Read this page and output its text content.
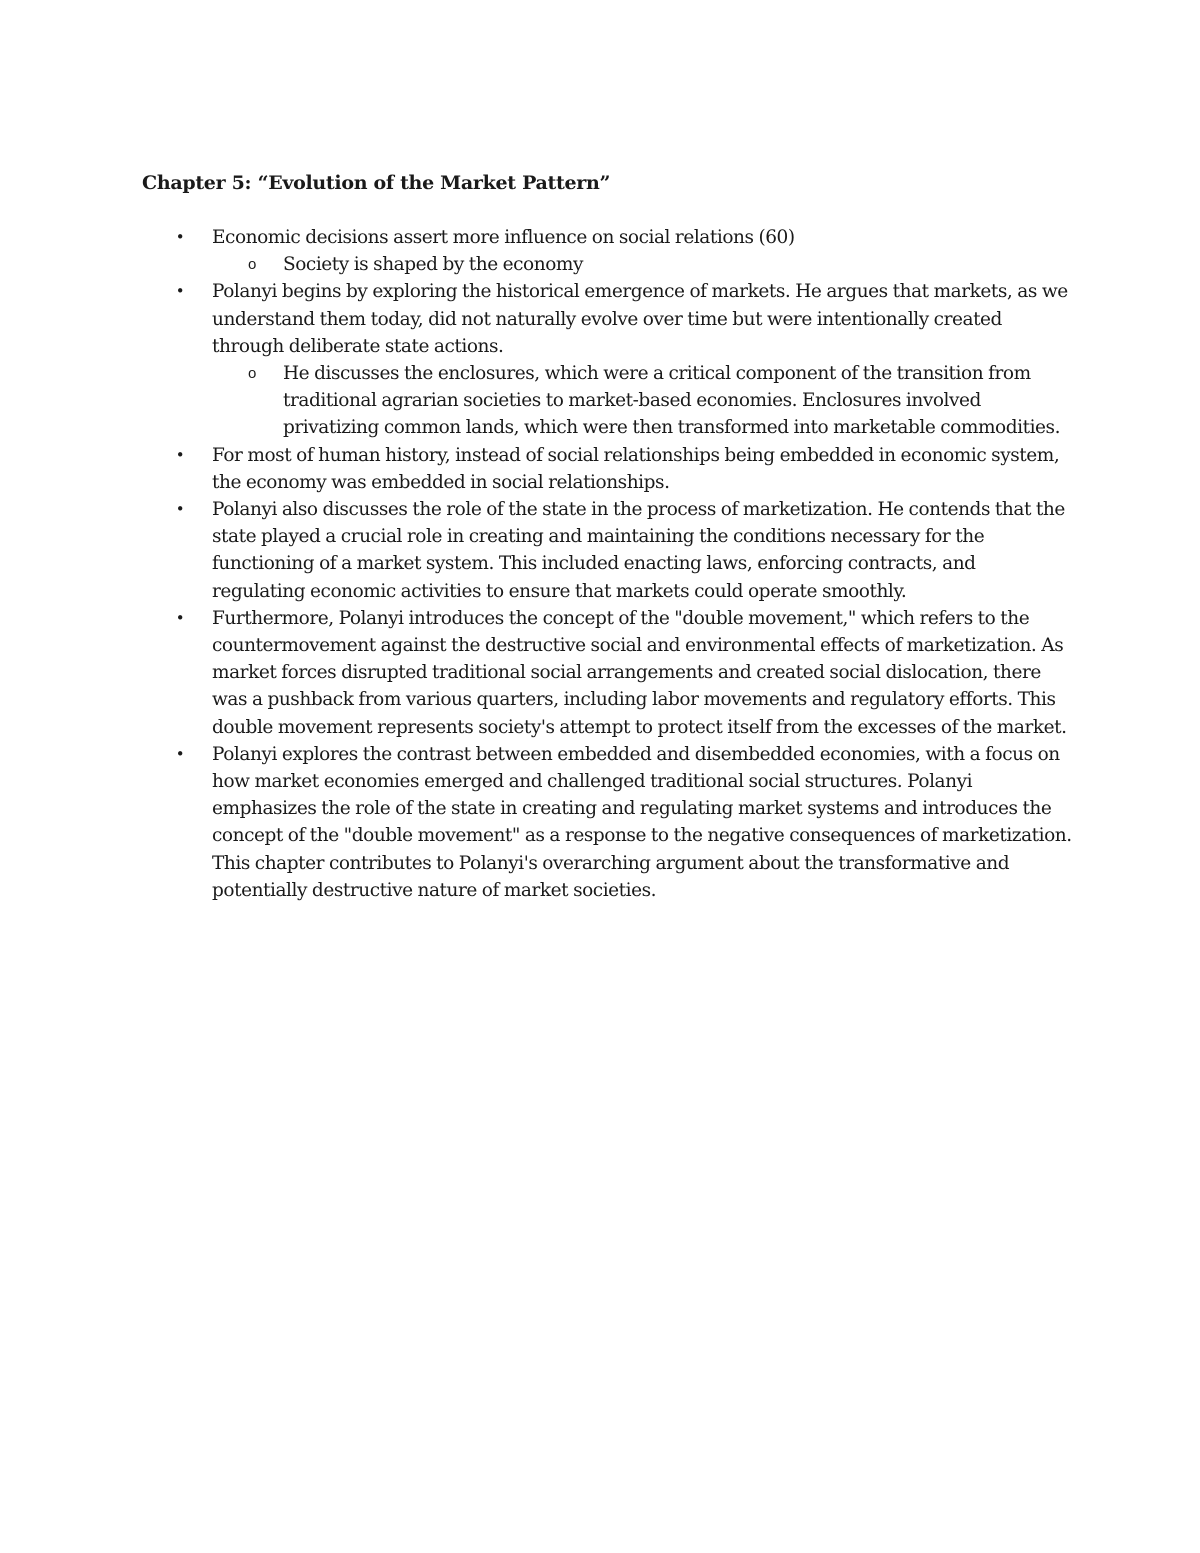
Chapter 5: “Evolution of the Market Pattern”
• Economic decisions assert more influence on social relations (60)
o Society is shaped by the economy
• Polanyi begins by exploring the historical emergence of markets. He argues that markets, as we understand them today, did not naturally evolve over time but were intentionally created through deliberate state actions.
o He discusses the enclosures, which were a critical component of the transition from traditional agrarian societies to market-based economies. Enclosures involved privatizing common lands, which were then transformed into marketable commodities.
• For most of human history, instead of social relationships being embedded in economic system, the economy was embedded in social relationships.
• Polanyi also discusses the role of the state in the process of marketization. He contends that the state played a crucial role in creating and maintaining the conditions necessary for the functioning of a market system. This included enacting laws, enforcing contracts, and regulating economic activities to ensure that markets could operate smoothly.
• Furthermore, Polanyi introduces the concept of the "double movement," which refers to the countermovement against the destructive social and environmental effects of marketization. As market forces disrupted traditional social arrangements and created social dislocation, there was a pushback from various quarters, including labor movements and regulatory efforts. This double movement represents society's attempt to protect itself from the excesses of the market.
• Polanyi explores the contrast between embedded and disembedded economies, with a focus on how market economies emerged and challenged traditional social structures. Polanyi emphasizes the role of the state in creating and regulating market systems and introduces the concept of the "double movement" as a response to the negative consequences of marketization. This chapter contributes to Polanyi's overarching argument about the transformative and potentially destructive nature of market societies.
